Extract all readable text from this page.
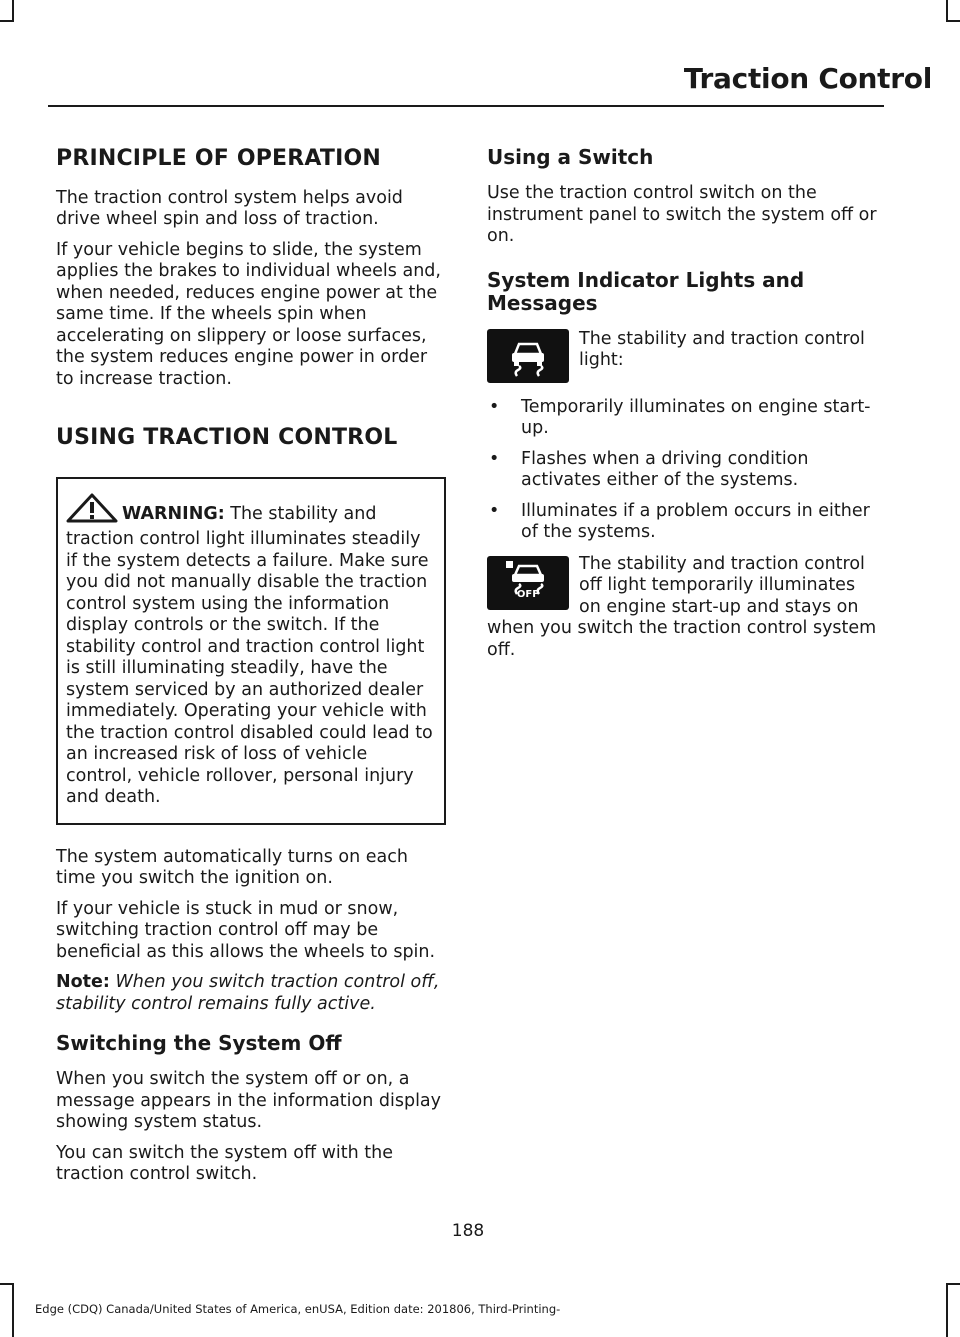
Traction Control
PRINCIPLE OF OPERATION

The traction control system helps avoid drive wheel spin and loss of traction.

If your vehicle begins to slide, the system applies the brakes to individual wheels and, when needed, reduces engine power at the same time. If the wheels spin when accelerating on slippery or loose surfaces, the system reduces engine power in order to increase traction.

USING TRACTION CONTROL
WARNING: The stability and traction control light illuminates steadily if the system detects a failure. Make sure you did not manually disable the traction control system using the information display controls or the switch. If the stability control and traction control light is still illuminating steadily, have the system serviced by an authorized dealer immediately. Operating your vehicle with the traction control disabled could lead to an increased risk of loss of vehicle control, vehicle rollover, personal injury and death.

The system automatically turns on each time you switch the ignition on.

If your vehicle is stuck in mud or snow, switching traction control off may be beneficial as this allows the wheels to spin.

Note: When you switch traction control off, stability control remains fully active.

Switching the System Off

When you switch the system off or on, a message appears in the information display showing system status.

You can switch the system off with the traction control switch.

Using a Switch

Use the traction control switch on the instrument panel to switch the system off or on.

System Indicator Lights and Messages
The stability and traction control light:
• Temporarily illuminates on engine start-up.
• Flashes when a driving condition activates either of the systems.
• Illuminates if a problem occurs in either of the systems.
OFF
The stability and traction control off light temporarily illuminates on engine start-up and stays on when you switch the traction control system off.
188
Edge (CDQ) Canada/United States of America, enUSA, Edition date: 201806, Third-Printing-
